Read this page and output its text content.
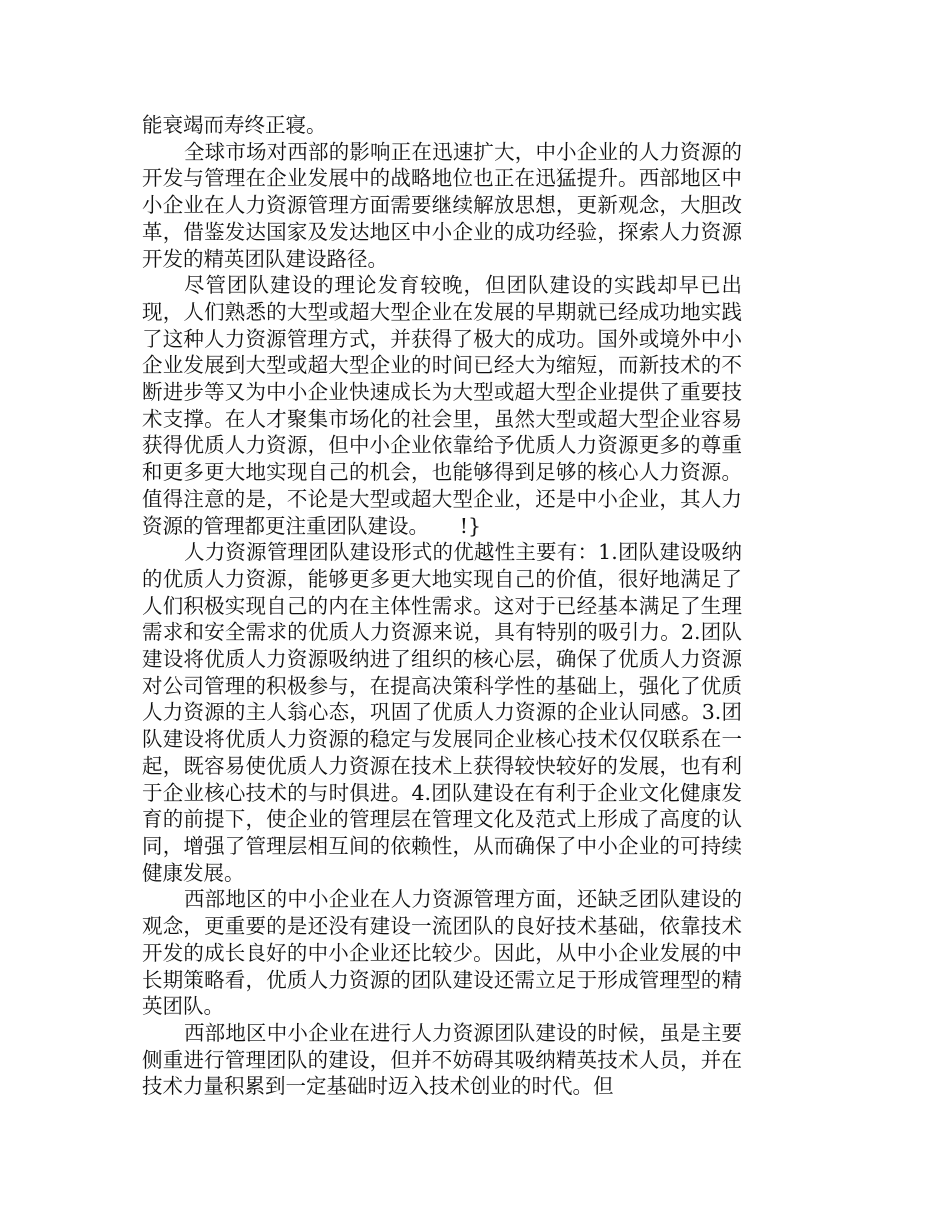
能衰竭而寿终正寝。

全球市场对西部的影响正在迅速扩大，中小企业的人力资源的开发与管理在企业发展中的战略地位也正在迅猛提升。西部地区中小企业在人力资源管理方面需要继续解放思想，更新观念，大胆改革，借鉴发达国家及发达地区中小企业的成功经验，探索人力资源开发的精英团队建设路径。

尽管团队建设的理论发育较晚，但团队建设的实践却早已出现，人们熟悉的大型或超大型企业在发展的早期就已经成功地实践了这种人力资源管理方式，并获得了极大的成功。国外或境外中小企业发展到大型或超大型企业的时间已经大为缩短，而新技术的不断进步等又为中小企业快速成长为大型或超大型企业提供了重要技术支撑。在人才聚集市场化的社会里，虽然大型或超大型企业容易获得优质人力资源，但中小企业依靠给予优质人力资源更多的尊重和更多更大地实现自己的机会，也能够得到足够的核心人力资源。值得注意的是，不论是大型或超大型企业，还是中小企业，其人力资源的管理都更注重团队建设。　　!}

人力资源管理团队建设形式的优越性主要有：1.团队建设吸纳的优质人力资源，能够更多更大地实现自己的价值，很好地满足了人们积极实现自己的内在主体性需求。这对于已经基本满足了生理需求和安全需求的优质人力资源来说，具有特别的吸引力。2.团队建设将优质人力资源吸纳进了组织的核心层，确保了优质人力资源对公司管理的积极参与，在提高决策科学性的基础上，强化了优质人力资源的主人翁心态，巩固了优质人力资源的企业认同感。3.团队建设将优质人力资源的稳定与发展同企业核心技术仅仅联系在一起，既容易使优质人力资源在技术上获得较快较好的发展，也有利于企业核心技术的与时俱进。4.团队建设在有利于企业文化健康发育的前提下，使企业的管理层在管理文化及范式上形成了高度的认同，增强了管理层相互间的依赖性，从而确保了中小企业的可持续健康发展。

西部地区的中小企业在人力资源管理方面，还缺乏团队建设的观念，更重要的是还没有建设一流团队的良好技术基础，依靠技术开发的成长良好的中小企业还比较少。因此，从中小企业发展的中长期策略看，优质人力资源的团队建设还需立足于形成管理型的精英团队。

西部地区中小企业在进行人力资源团队建设的时候，虽是主要侧重进行管理团队的建设，但并不妨碍其吸纳精英技术人员，并在技术力量积累到一定基础时迈入技术创业的时代。但
